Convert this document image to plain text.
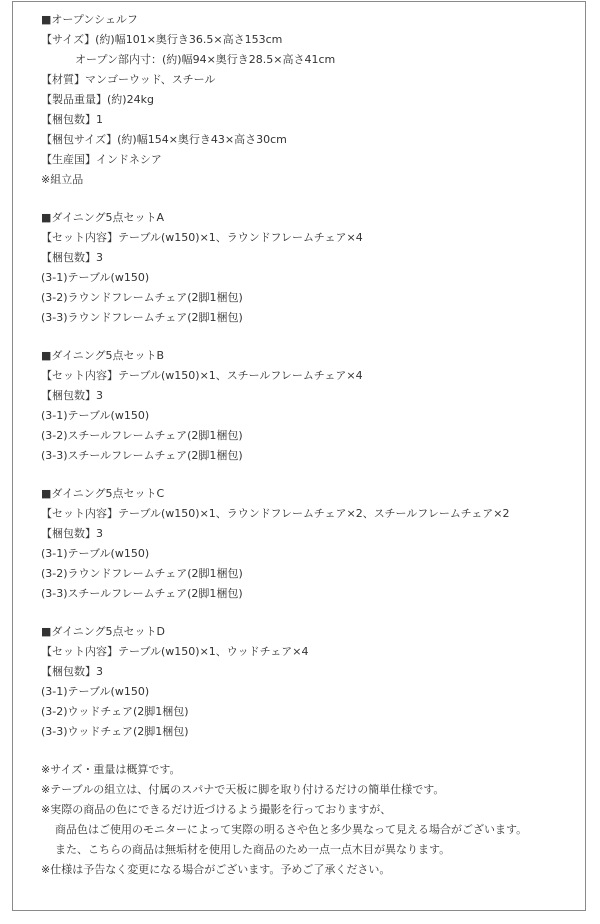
■オープンシェルフ
【サイズ】(約)幅101×奥行き36.5×高さ153cm
オープン部内寸：(約)幅94×奥行き28.5×高さ41cm
【材質】マンゴーウッド、スチール
【製品重量】(約)24kg
【梱包数】1
【梱包サイズ】(約)幅154×奥行き43×高さ30cm
【生産国】インドネシア
※組立品
■ダイニング5点セットA
【セット内容】テーブル(w150)×1、ラウンドフレームチェア×4
【梱包数】3
(3-1)テーブル(w150)
(3-2)ラウンドフレームチェア(2脚1梱包)
(3-3)ラウンドフレームチェア(2脚1梱包)
■ダイニング5点セットB
【セット内容】テーブル(w150)×1、スチールフレームチェア×4
【梱包数】3
(3-1)テーブル(w150)
(3-2)スチールフレームチェア(2脚1梱包)
(3-3)スチールフレームチェア(2脚1梱包)
■ダイニング5点セットC
【セット内容】テーブル(w150)×1、ラウンドフレームチェア×2、スチールフレームチェア×2
【梱包数】3
(3-1)テーブル(w150)
(3-2)ラウンドフレームチェア(2脚1梱包)
(3-3)スチールフレームチェア(2脚1梱包)
■ダイニング5点セットD
【セット内容】テーブル(w150)×1、ウッドチェア×4
【梱包数】3
(3-1)テーブル(w150)
(3-2)ウッドチェア(2脚1梱包)
(3-3)ウッドチェア(2脚1梱包)
※サイズ・重量は概算です。
※テーブルの組立は、付属のスパナで天板に脚を取り付けるだけの簡単仕様です。
※実際の商品の色にできるだけ近づけるよう撮影を行っておりますが、
商品色はご使用のモニターによって実際の明るさや色と多少異なって見える場合がございます。
また、こちらの商品は無垢材を使用した商品のため一点一点木目が異なります。
※仕様は予告なく変更になる場合がございます。予めご了承ください。
